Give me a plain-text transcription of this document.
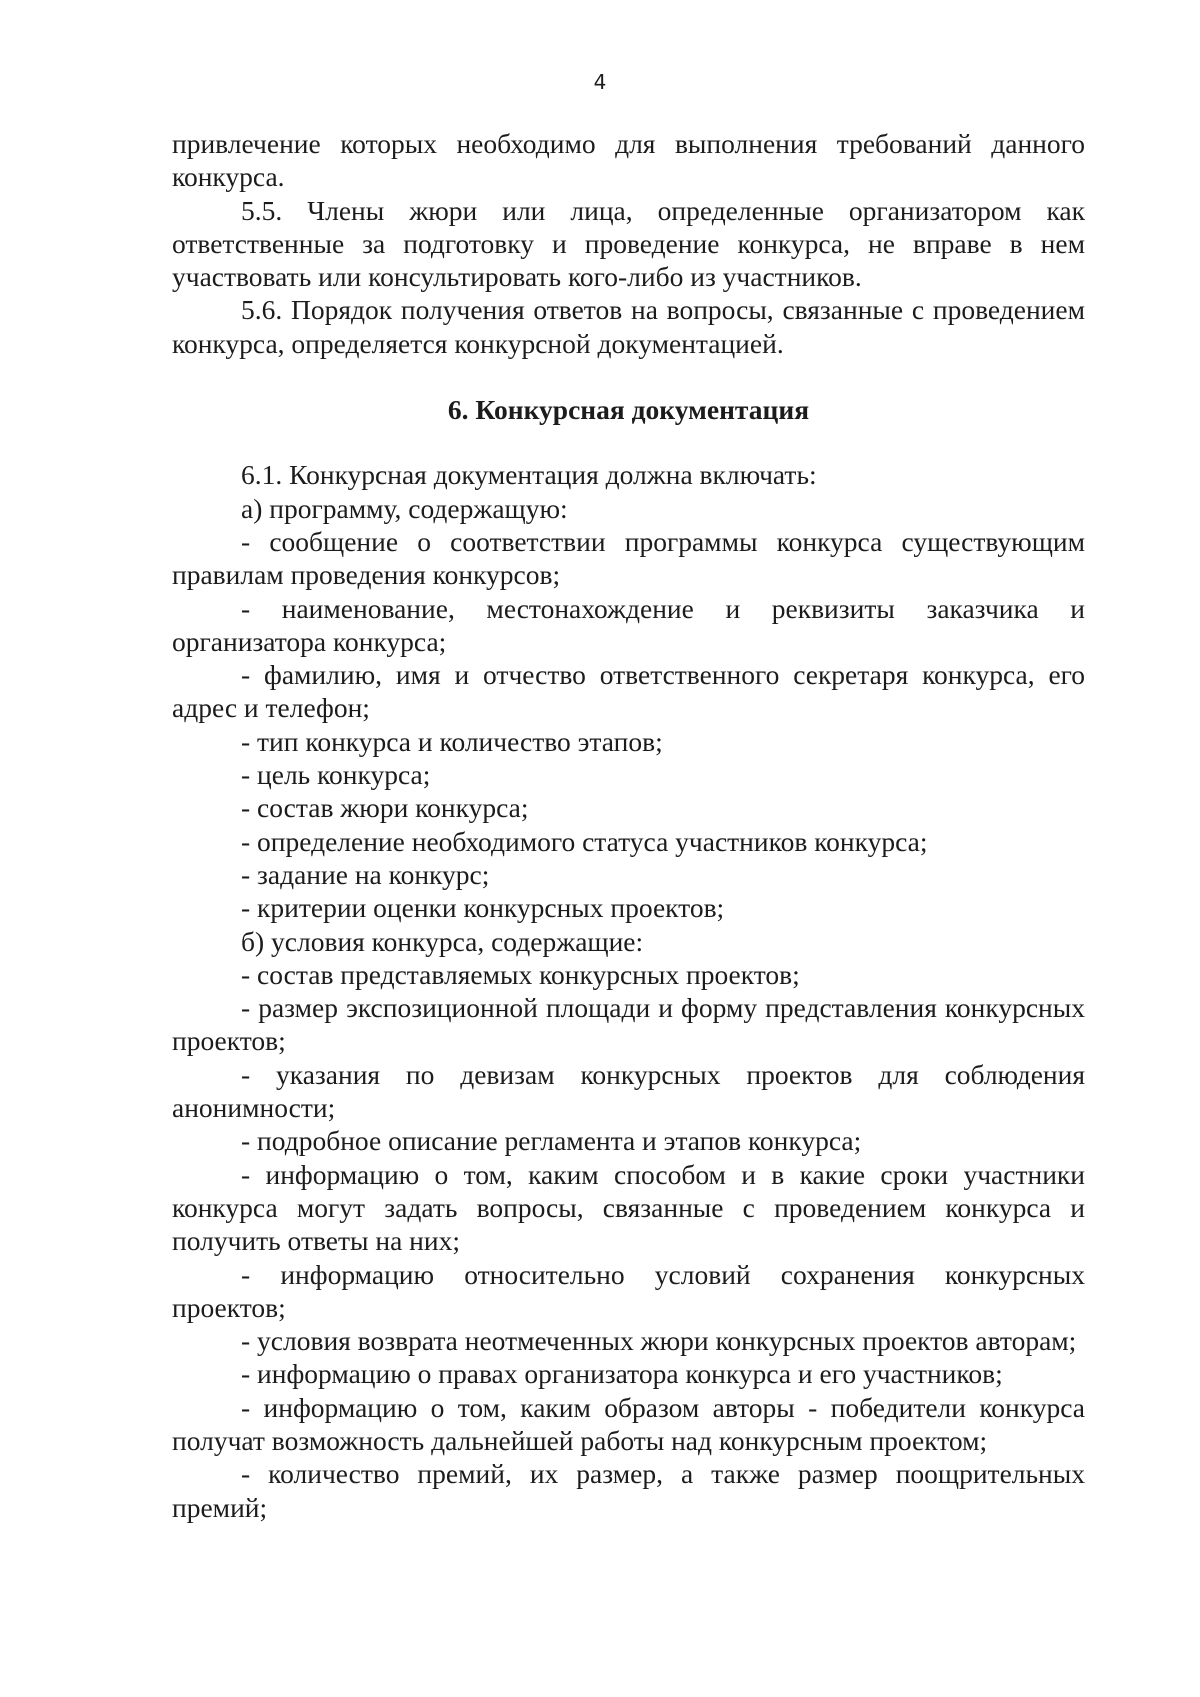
4

привлечение которых необходимо для выполнения требований данного конкурса.

5.5. Члены жюри или лица, определенные организатором как ответственные за подготовку и проведение конкурса, не вправе в нем участвовать или консультировать кого-либо из участников.

5.6. Порядок получения ответов на вопросы, связанные с проведением конкурса, определяется конкурсной документацией.

6. Конкурсная документация

6.1. Конкурсная документация должна включать:

а) программу, содержащую:

- сообщение о соответствии программы конкурса существующим правилам проведения конкурсов;

- наименование, местонахождение и реквизиты заказчика и организатора конкурса;

- фамилию, имя и отчество ответственного секретаря конкурса, его адрес и телефон;

- тип конкурса и количество этапов;

- цель конкурса;

- состав жюри конкурса;

- определение необходимого статуса участников конкурса;

- задание на конкурс;

- критерии оценки конкурсных проектов;

б) условия конкурса, содержащие:

- состав представляемых конкурсных проектов;

- размер экспозиционной площади и форму представления конкурсных проектов;

- указания по девизам конкурсных проектов для соблюдения анонимности;

- подробное описание регламента и этапов конкурса;

- информацию о том, каким способом и в какие сроки участники конкурса могут задать вопросы, связанные с проведением конкурса и получить ответы на них;

- информацию относительно условий сохранения конкурсных проектов;

- условия возврата неотмеченных жюри конкурсных проектов авторам;

- информацию о правах организатора конкурса и его участников;

- информацию о том, каким образом авторы - победители конкурса получат возможность дальнейшей работы над конкурсным проектом;

- количество премий, их размер, а также размер поощрительных премий;
